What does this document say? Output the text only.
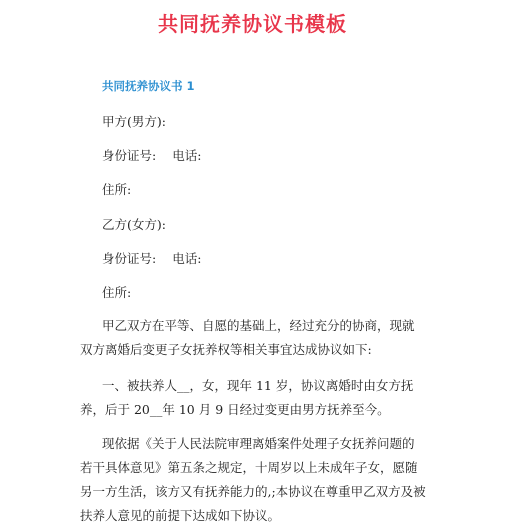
共同抚养协议书模板
共同抚养协议书 1
甲方(男方):
身份证号: 电话:
住所:
乙方(女方):
身份证号: 电话:
住所:
甲乙双方在平等、自愿的基础上，经过充分的协商，现就
双方离婚后变更子女抚养权等相关事宜达成协议如下:
一、被扶养人__，女，现年 11 岁，协议离婚时由女方抚
养，后于 20__年 10 月 9 日经过变更由男方抚养至今。
现依据《关于人民法院审理离婚案件处理子女抚养问题的
若干具体意见》第五条之规定，十周岁以上未成年子女，愿随
另一方生活，该方又有抚养能力的,;本协议在尊重甲乙双方及被
扶养人意见的前提下达成如下协议。
